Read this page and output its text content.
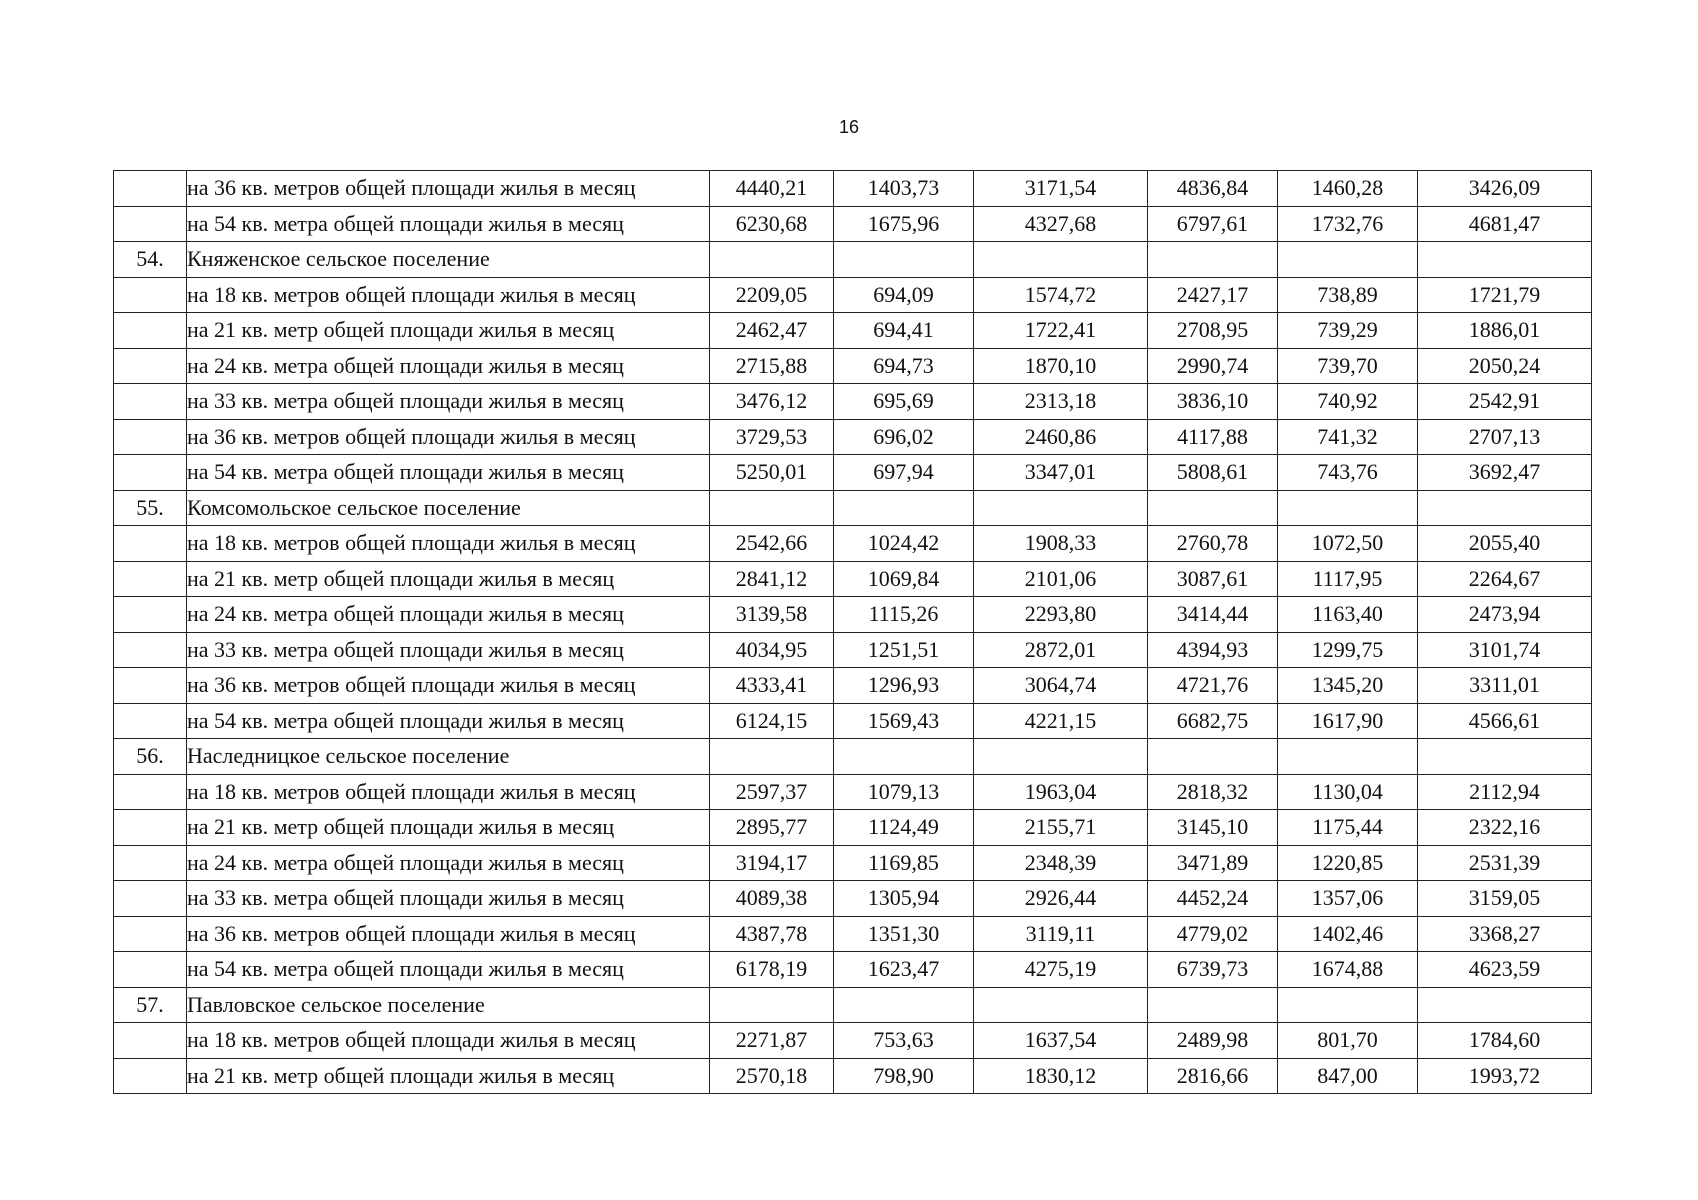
16
	на 36 кв. метров общей площади жилья в месяц	4440,21	1403,73	3171,54	4836,84	1460,28	3426,09
	на 54 кв. метра общей площади жилья в месяц	6230,68	1675,96	4327,68	6797,61	1732,76	4681,47
54.	Княженское сельское поселение						
	на 18 кв. метров общей площади жилья в месяц	2209,05	694,09	1574,72	2427,17	738,89	1721,79
	на 21 кв. метр общей площади жилья в месяц	2462,47	694,41	1722,41	2708,95	739,29	1886,01
	на 24 кв. метра общей площади жилья в месяц	2715,88	694,73	1870,10	2990,74	739,70	2050,24
	на 33 кв. метра общей площади жилья в месяц	3476,12	695,69	2313,18	3836,10	740,92	2542,91
	на 36 кв. метров общей площади жилья в месяц	3729,53	696,02	2460,86	4117,88	741,32	2707,13
	на 54 кв. метра общей площади жилья в месяц	5250,01	697,94	3347,01	5808,61	743,76	3692,47
55.	Комсомольское сельское поселение						
	на 18 кв. метров общей площади жилья в месяц	2542,66	1024,42	1908,33	2760,78	1072,50	2055,40
	на 21 кв. метр общей площади жилья в месяц	2841,12	1069,84	2101,06	3087,61	1117,95	2264,67
	на 24 кв. метра общей площади жилья в месяц	3139,58	1115,26	2293,80	3414,44	1163,40	2473,94
	на 33 кв. метра общей площади жилья в месяц	4034,95	1251,51	2872,01	4394,93	1299,75	3101,74
	на 36 кв. метров общей площади жилья в месяц	4333,41	1296,93	3064,74	4721,76	1345,20	3311,01
	на 54 кв. метра общей площади жилья в месяц	6124,15	1569,43	4221,15	6682,75	1617,90	4566,61
56.	Наследницкое сельское поселение						
	на 18 кв. метров общей площади жилья в месяц	2597,37	1079,13	1963,04	2818,32	1130,04	2112,94
	на 21 кв. метр общей площади жилья в месяц	2895,77	1124,49	2155,71	3145,10	1175,44	2322,16
	на 24 кв. метра общей площади жилья в месяц	3194,17	1169,85	2348,39	3471,89	1220,85	2531,39
	на 33 кв. метра общей площади жилья в месяц	4089,38	1305,94	2926,44	4452,24	1357,06	3159,05
	на 36 кв. метров общей площади жилья в месяц	4387,78	1351,30	3119,11	4779,02	1402,46	3368,27
	на 54 кв. метра общей площади жилья в месяц	6178,19	1623,47	4275,19	6739,73	1674,88	4623,59
57.	Павловское сельское поселение						
	на 18 кв. метров общей площади жилья в месяц	2271,87	753,63	1637,54	2489,98	801,70	1784,60
	на 21 кв. метр общей площади жилья в месяц	2570,18	798,90	1830,12	2816,66	847,00	1993,72
